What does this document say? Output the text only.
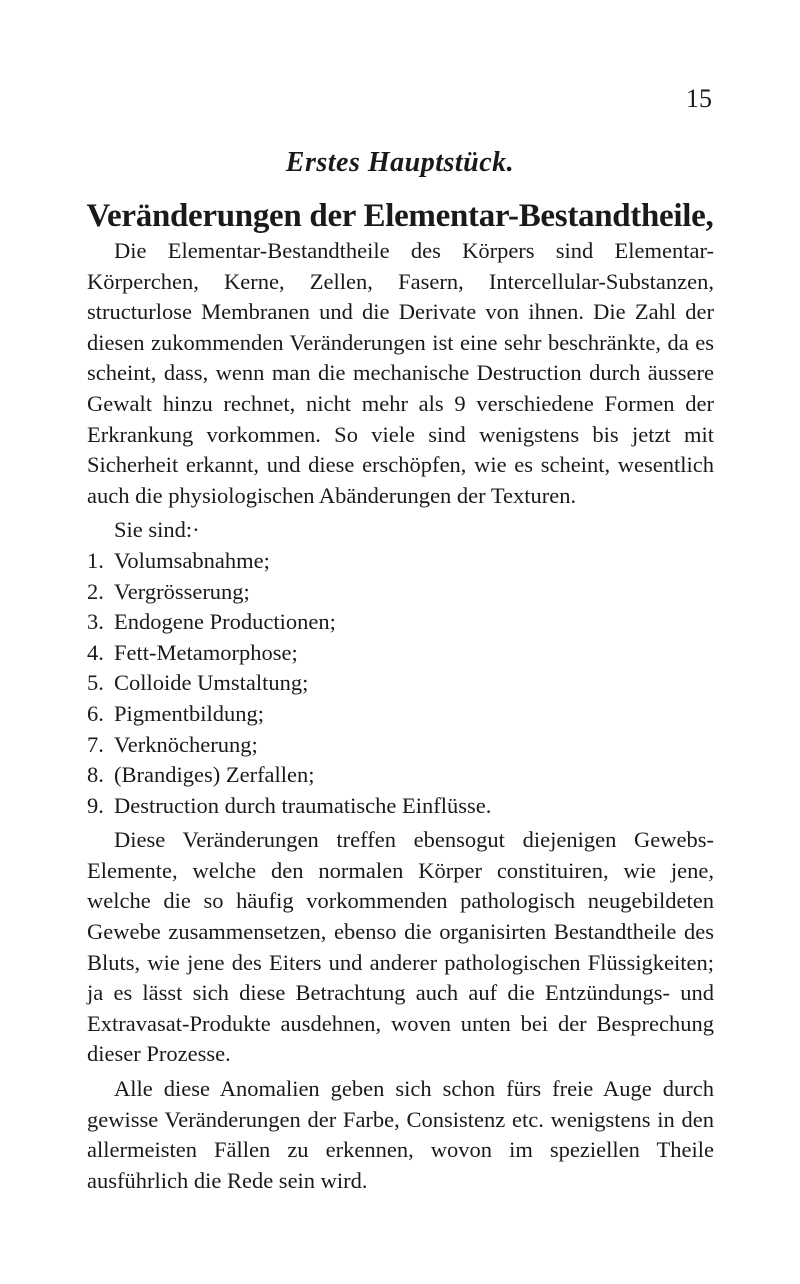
15
Erstes Hauptstück.
Veränderungen der Elementar-Bestandtheile,

Die Elementar-Bestandtheile des Körpers sind Elementar-Körperchen, Kerne, Zellen, Fasern, Intercellular-Substanzen, structurlose Membranen und die Derivate von ihnen. Die Zahl der diesen zukommenden Veränderungen ist eine sehr beschränkte, da es scheint, dass, wenn man die mechanische Destruction durch äussere Gewalt hinzu rechnet, nicht mehr als 9 verschiedene Formen der Erkrankung vorkommen. So viele sind wenigstens bis jetzt mit Sicherheit erkannt, und diese erschöpfen, wie es scheint, wesentlich auch die physiologischen Abänderungen der Texturen.

Sie sind:·

1. Volumsabnahme;
2. Vergrösserung;
3. Endogene Productionen;
4. Fett-Metamorphose;
5. Colloide Umstaltung;
6. Pigmentbildung;
7. Verknöcherung;
8. (Brandiges) Zerfallen;
9. Destruction durch traumatische Einflüsse.

Diese Veränderungen treffen ebensogut diejenigen Gewebs-Elemente, welche den normalen Körper constituiren, wie jene, welche die so häufig vorkommenden pathologisch neugebildeten Gewebe zusammensetzen, ebenso die organisirten Bestandtheile des Bluts, wie jene des Eiters und anderer pathologischen Flüssigkeiten; ja es lässt sich diese Betrachtung auch auf die Entzündungs- und Extravasat-Produkte ausdehnen, woven unten bei der Besprechung dieser Prozesse.

Alle diese Anomalien geben sich schon fürs freie Auge durch gewisse Veränderungen der Farbe, Consistenz etc. wenigstens in den allermeisten Fällen zu erkennen, wovon im speziellen Theile ausführlich die Rede sein wird.
